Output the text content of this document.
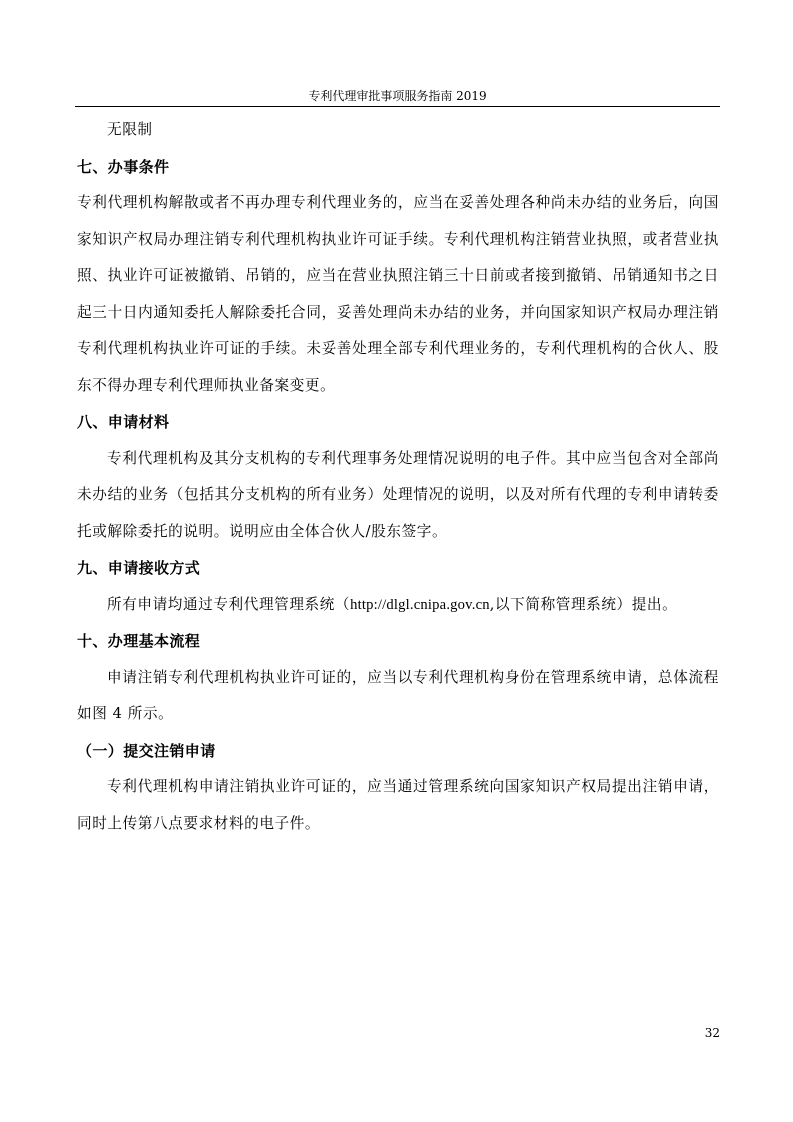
专利代理审批事项服务指南 2019

无限制

七、办事条件

专利代理机构解散或者不再办理专利代理业务的，应当在妥善处理各种尚未办结的业务后，向国家知识产权局办理注销专利代理机构执业许可证手续。专利代理机构注销营业执照，或者营业执照、执业许可证被撤销、吊销的，应当在营业执照注销三十日前或者接到撤销、吊销通知书之日起三十日内通知委托人解除委托合同，妥善处理尚未办结的业务，并向国家知识产权局办理注销专利代理机构执业许可证的手续。未妥善处理全部专利代理业务的，专利代理机构的合伙人、股东不得办理专利代理师执业备案变更。

八、申请材料

专利代理机构及其分支机构的专利代理事务处理情况说明的电子件。其中应当包含对全部尚未办结的业务（包括其分支机构的所有业务）处理情况的说明，以及对所有代理的专利申请转委托或解除委托的说明。说明应由全体合伙人/股东签字。

九、申请接收方式

所有申请均通过专利代理管理系统（http://dlgl.cnipa.gov.cn,以下简称管理系统）提出。

十、办理基本流程

申请注销专利代理机构执业许可证的，应当以专利代理机构身份在管理系统申请，总体流程如图 4 所示。

（一）提交注销申请

专利代理机构申请注销执业许可证的，应当通过管理系统向国家知识产权局提出注销申请，同时上传第八点要求材料的电子件。

32
